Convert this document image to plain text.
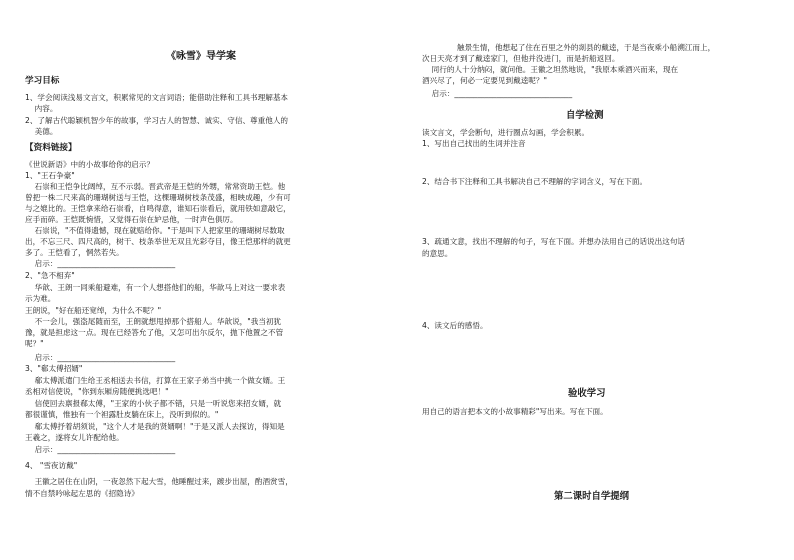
《咏雪》导学案
学习目标
1、学会阅读浅易文言文，积累常见的文言词语；能借助注释和工具书理解基本
内容。
2、了解古代聪颖机智少年的故事，学习古人的智慧、诚实、守信、尊重他人的
美德。
【资料链接】
《世说新语》中的小故事给你的启示？
1、"王石争豪"
石崇和王恺争比阔绰，互不示弱。晋武帝是王恺的外甥，常常资助王恺。他
曾把一株二尺来高的珊瑚树送与王恺，这棵珊瑚树枝条茂盛，相映成趣，少有可
与之媲比的。王恺拿来给石崇看，自鸣得意，谁知石崇看后，就用铁如意敲它，
应手而碎。王恺既惋惜，又觉得石崇在妒忌他，一时声色俱厉。
石崇说，"不值得遗憾，现在就赔给你。"于是叫下人把家里的珊瑚树尽数取
出，不忘三尺、四尺高的，树干、枝条举世无双且光彩夺目，像王恺那样的就更
多了。王恺看了，惘然若失。
启示：_______________________________
2、"急不相弃"
华歆、王朗一同乘船避难，有一个人想搭他们的船，华歆马上对这一要求表
示为难。
王朗说，"好在船还宽绰，为什么不呢？"
不一会儿，强盗尾随而至，王朗就想甩掉那个搭船人。华歆说，"我当初犹
豫，就是担虑这一点。现在已经答允了他，又怎可出尔反尔，抛下他置之不管
呢？"
启示：_______________________________
3、"郗太傅招婿"
郗太傅派遣门生给王丞相送去书信，打算在王家子弟当中挑一个做女婿。王
丞相对信使说，"你到东厢房随便挑选吧！"
信使回去禀报郗太傅，"王家的小伙子都不错，只是一听说您来招女婿，就
都很谨慎，惟独有一个袒露肚皮躺在床上，没听到似的。"
郗太傅抒着胡须说，"这个人才是我的贤婿啊！"于是又派人去探访，得知是
王羲之，遂将女儿许配给他。
启示：_______________________________
4、 "雪夜访戴"
王徽之居住在山阴，一夜忽然下起大雪，他睡醒过来，踱步出屋，酌酒赏雪，
情不自禁吟咏起左思的《招隐诗》
触景生情，他想起了住在百里之外的剡县的戴逵，于是当夜乘小船溯江而上，
次日天亮才到了戴逵家门，但他并没进门，而是折船返回。
同行的人十分纳闷，就问他。王徽之坦然地说，"我原本乘酒兴而来，现在
酒兴尽了，何必一定要见到戴逵呢？"
启示：_______________________________
自学检测
读文言文，学会断句，进行圈点勾画，学会积累。
1、写出自己找出的生词并注音
2、结合书下注释和工具书解决自己不理解的字词含义，写在下面。
3、疏通文意，找出不理解的句子，写在下面。并想办法用自己的话说出这句话
的意思。
4、读文后的感悟。
验收学习
用自己的语言把本文的小故事精彩"写出来。写在下面。
第二课时自学提纲
